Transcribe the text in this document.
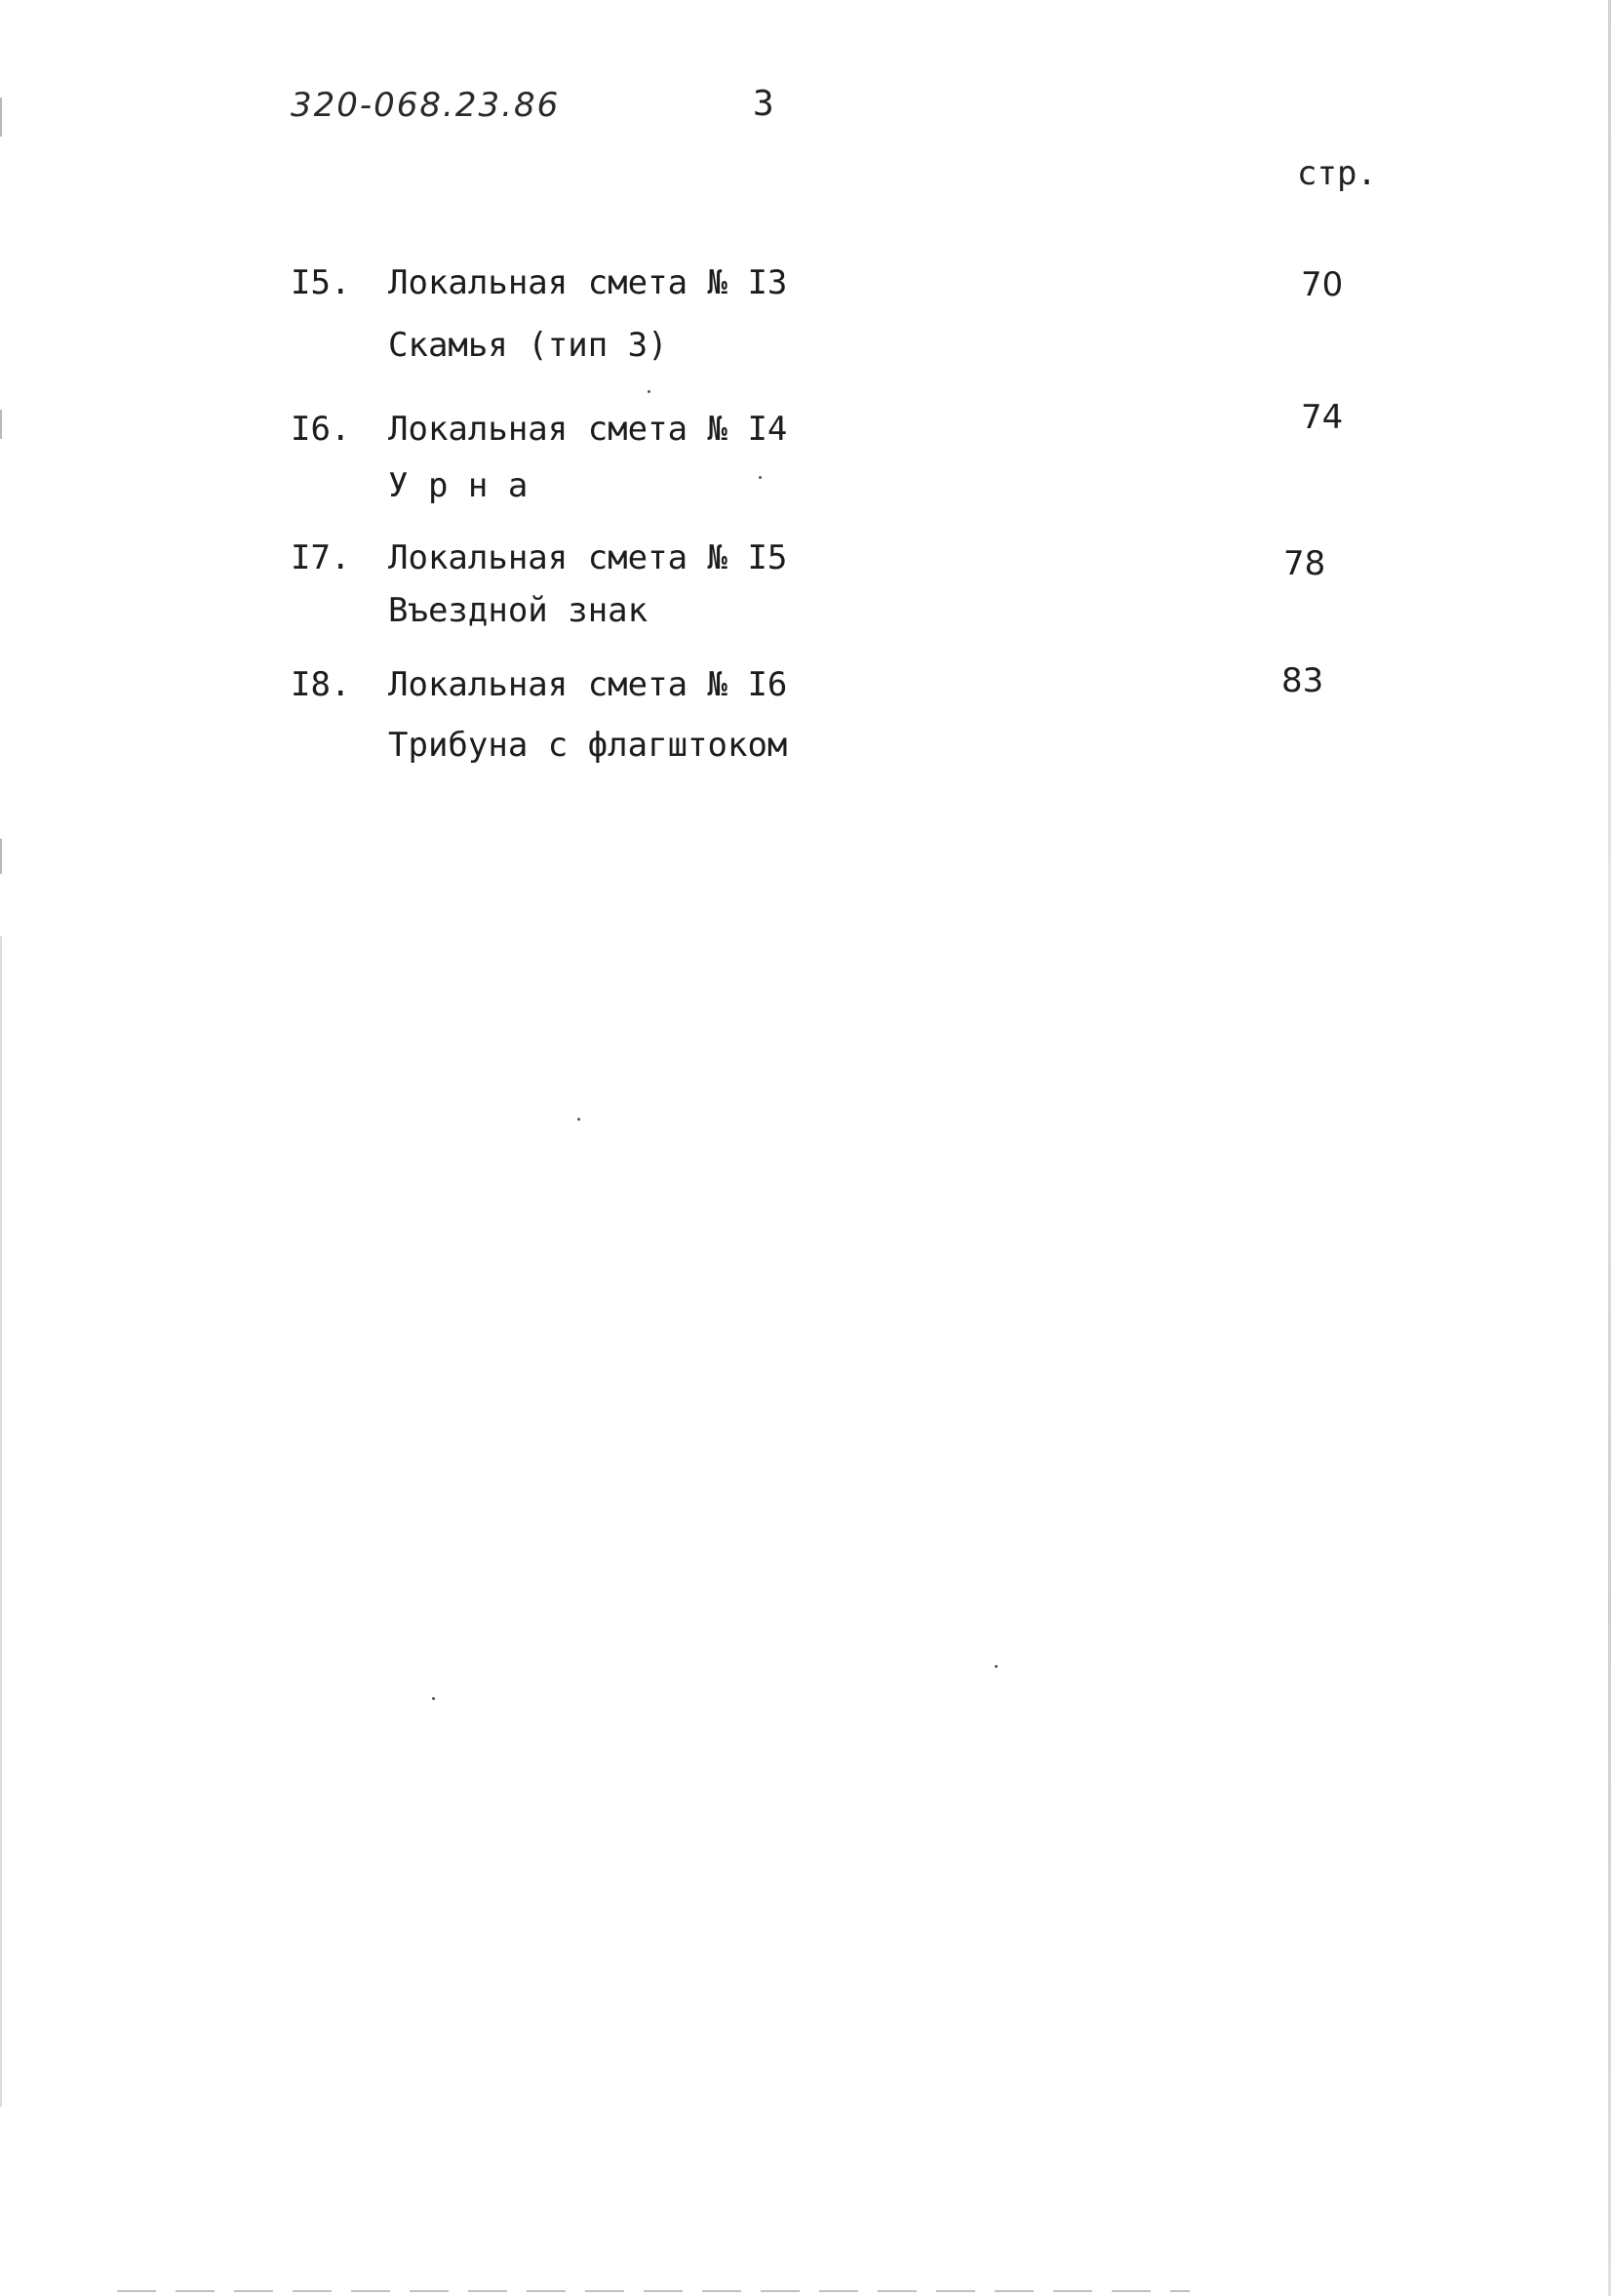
320-068.23.86	3
стр.
I5. Локальная смета № I3
Скамья (тип 3)
70
I6. Локальная смета № I4
У р н а
74
I7. Локальная смета № I5
Въездной знак
78
I8. Локальная смета № I6
Трибуна с флагштоком
83
